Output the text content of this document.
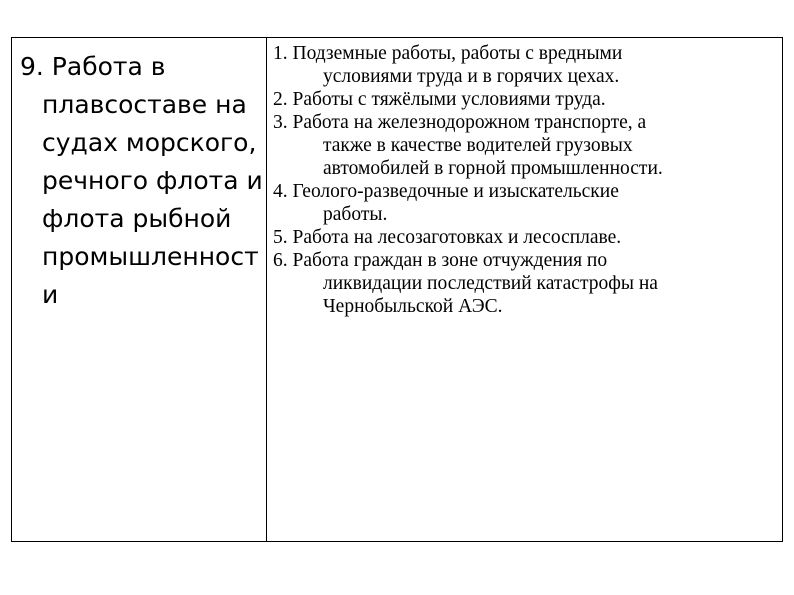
9. Работа в
плавсоставе на
судах морского,
речного флота и
флота рыбной
промышленност
и
1. Подземные работы, работы с вредными
условиями труда и в горячих цехах.
2. Работы с тяжёлыми условиями труда.
3. Работа на железнодорожном транспорте, а
также в качестве водителей грузовых
автомобилей в горной промышленности.
4. Геолого-разведочные и изыскательские
работы.
5. Работа на лесозаготовках и лесосплаве.
6. Работа граждан в зоне отчуждения по
ликвидации последствий катастрофы на
Чернобыльской АЭС.
